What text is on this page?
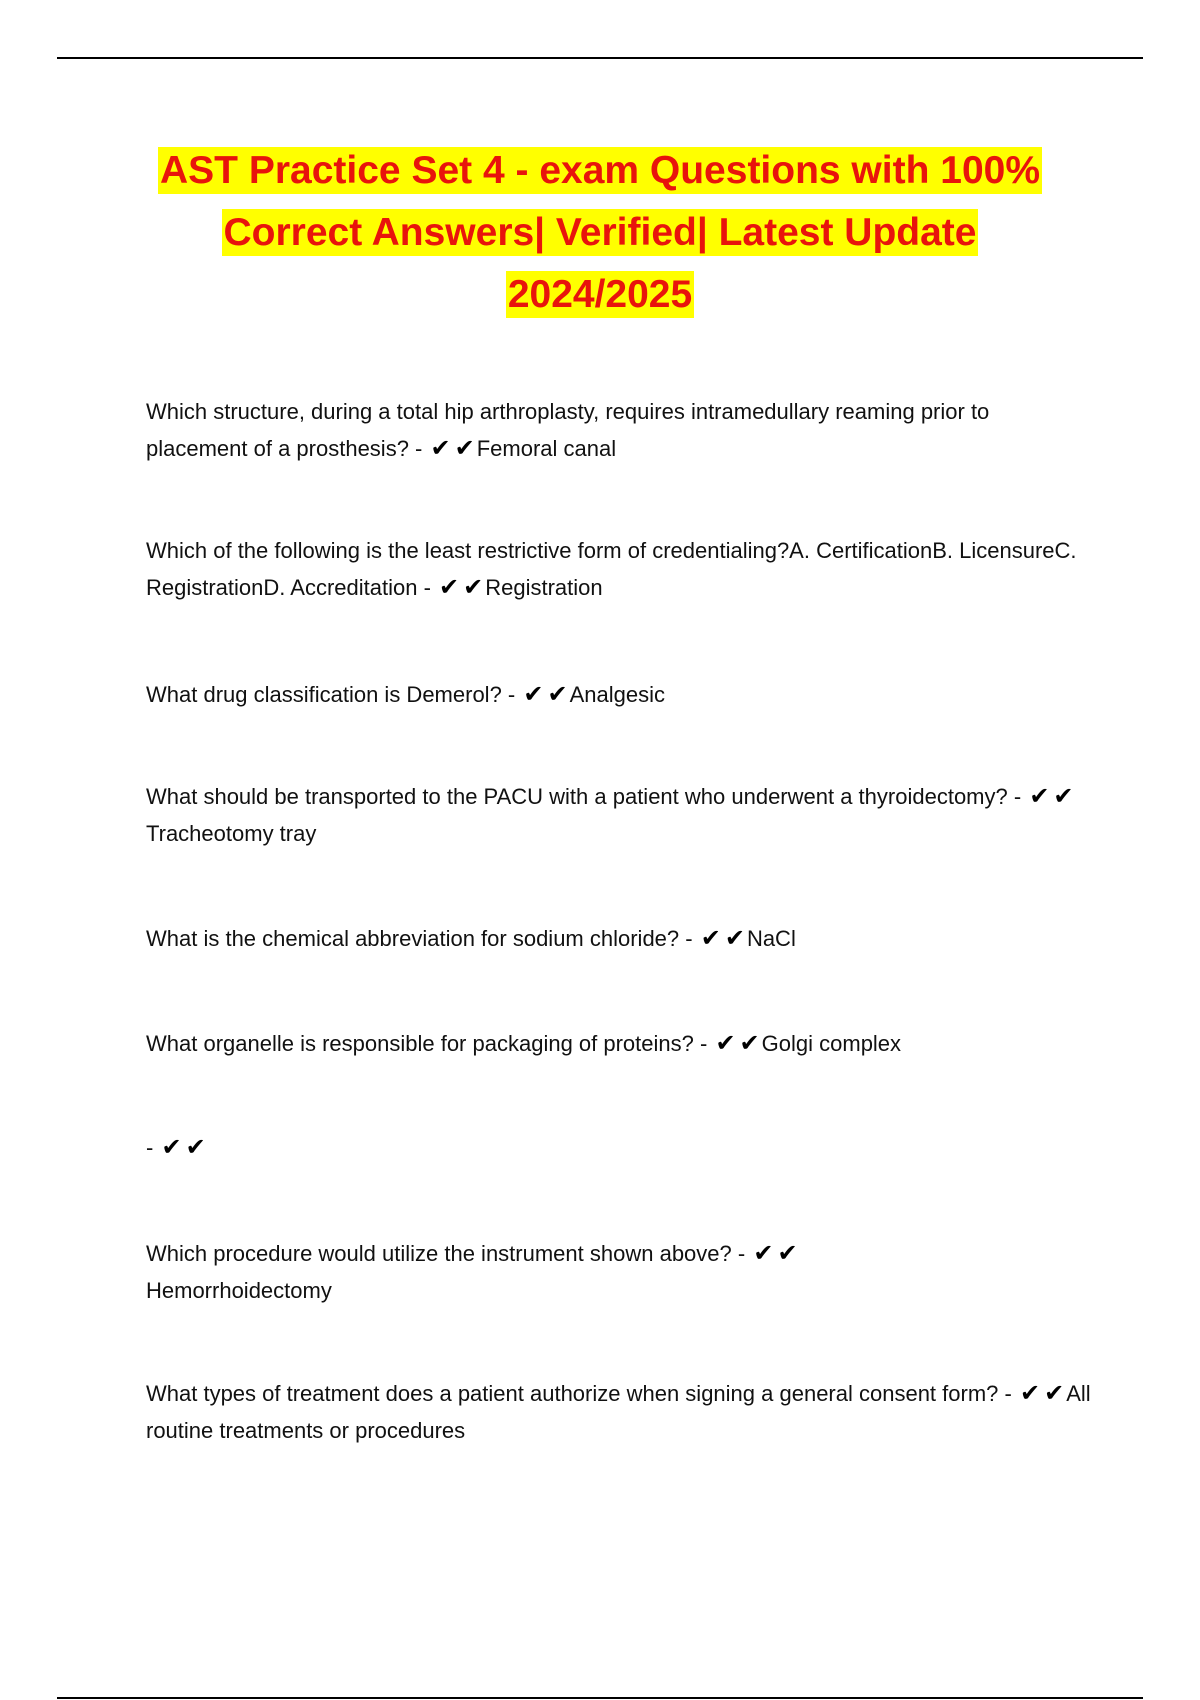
AST Practice Set 4 - exam Questions with 100%
Correct Answers| Verified| Latest Update
2024/2025

Which structure, during a total hip arthroplasty, requires intramedullary reaming prior to placement of a prosthesis? - ✔ ✔Femoral canal

Which of the following is the least restrictive form of credentialing?A. CertificationB. LicensureC. RegistrationD. Accreditation - ✔ ✔Registration

What drug classification is Demerol? - ✔ ✔Analgesic

What should be transported to the PACU with a patient who underwent a thyroidectomy? - ✔ ✔Tracheotomy tray

What is the chemical abbreviation for sodium chloride? - ✔ ✔NaCl

What organelle is responsible for packaging of proteins? - ✔ ✔Golgi complex

- ✔ ✔

Which procedure would utilize the instrument shown above? - ✔ ✔Hemorrhoidectomy

What types of treatment does a patient authorize when signing a general consent form? - ✔ ✔All routine treatments or procedures
